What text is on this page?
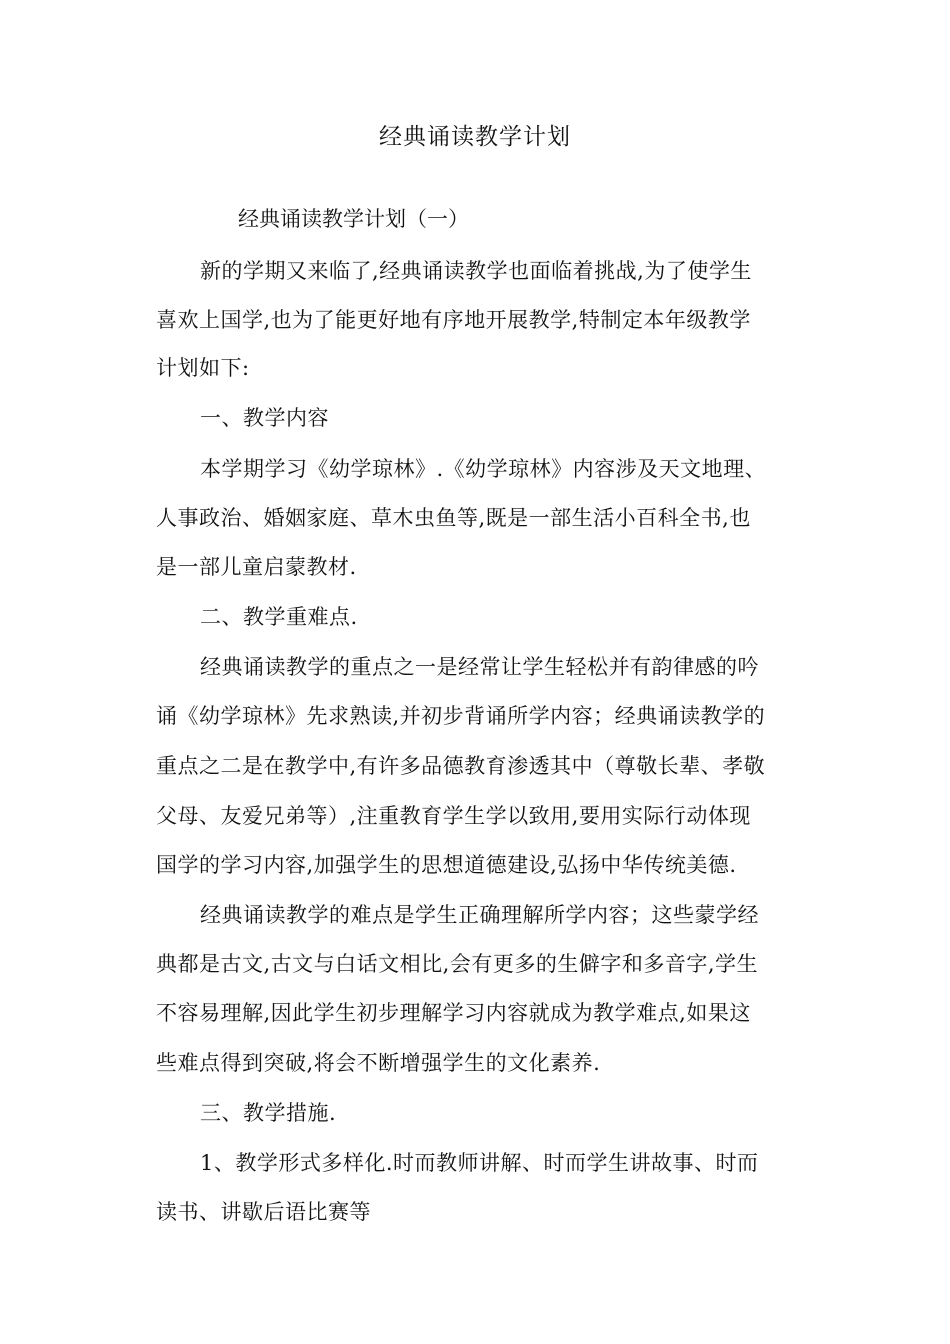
经典诵读教学计划

经典诵读教学计划（一）

新的学期又来临了,经典诵读教学也面临着挑战,为了使学生

喜欢上国学,也为了能更好地有序地开展教学,特制定本年级教学

计划如下:

一、教学内容

本学期学习《幼学琼林》.《幼学琼林》内容涉及天文地理、

人事政治、婚姻家庭、草木虫鱼等,既是一部生活小百科全书,也

是一部儿童启蒙教材.

二、教学重难点.

经典诵读教学的重点之一是经常让学生轻松并有韵律感的吟

诵《幼学琼林》先求熟读,并初步背诵所学内容；经典诵读教学的

重点之二是在教学中,有许多品德教育渗透其中（尊敬长辈、孝敬

父母、友爱兄弟等）,注重教育学生学以致用,要用实际行动体现

国学的学习内容,加强学生的思想道德建设,弘扬中华传统美德.

经典诵读教学的难点是学生正确理解所学内容；这些蒙学经

典都是古文,古文与白话文相比,会有更多的生僻字和多音字,学生

不容易理解,因此学生初步理解学习内容就成为教学难点,如果这

些难点得到突破,将会不断增强学生的文化素养.

三、教学措施.

1、教学形式多样化.时而教师讲解、时而学生讲故事、时而

读书、讲歇后语比赛等
